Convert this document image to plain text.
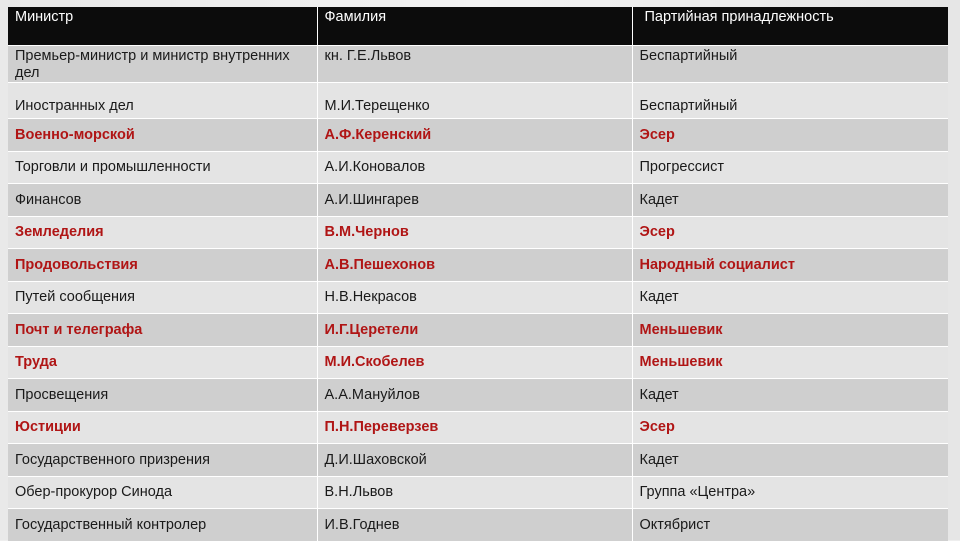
Министр	Фамилия	Партийная принадлежность
Премьер-министр и министр внутренних дел	кн. Г.Е.Львов	Беспартийный
Иностранных дел	М.И.Терещенко	Беспартийный
Военно-морской	А.Ф.Керенский	Эсер
Торговли и промышленности	А.И.Коновалов	Прогрессист
Финансов	А.И.Шингарев	Кадет
Земледелия	В.М.Чернов	Эсер
Продовольствия	А.В.Пешехонов	Народный социалист
Путей сообщения	Н.В.Некрасов	Кадет
Почт и телеграфа	И.Г.Церетели	Меньшевик
Труда	М.И.Скобелев	Меньшевик
Просвещения	А.А.Мануйлов	Кадет
Юстиции	П.Н.Переверзев	Эсер
Государственного призрения	Д.И.Шаховской	Кадет
Обер-прокурор Синода	В.Н.Львов	Группа «Центра»
Государственный контролер	И.В.Годнев	Октябрист
